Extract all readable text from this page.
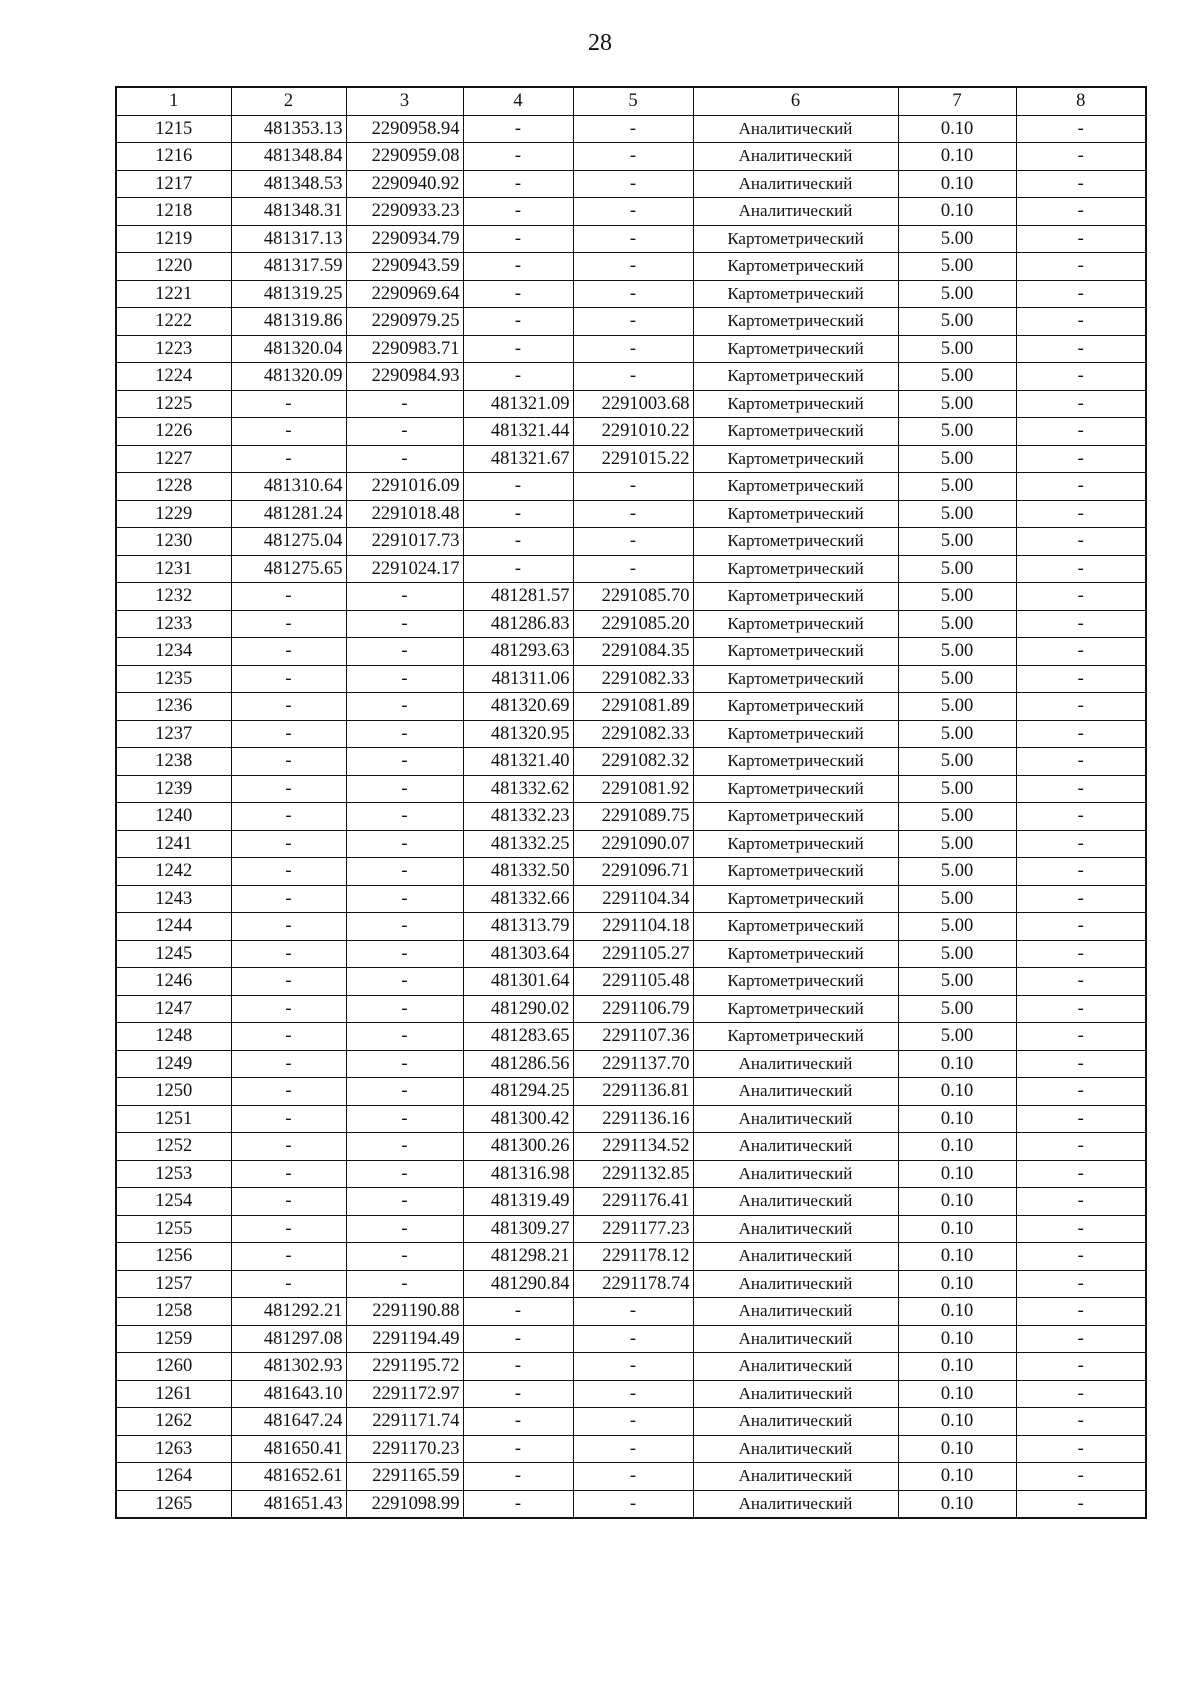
28
1	2	3	4	5	6	7	8
1215	481353.13	2290958.94	-	-	Аналитический	0.10	-
1216	481348.84	2290959.08	-	-	Аналитический	0.10	-
1217	481348.53	2290940.92	-	-	Аналитический	0.10	-
1218	481348.31	2290933.23	-	-	Аналитический	0.10	-
1219	481317.13	2290934.79	-	-	Картометрический	5.00	-
1220	481317.59	2290943.59	-	-	Картометрический	5.00	-
1221	481319.25	2290969.64	-	-	Картометрический	5.00	-
1222	481319.86	2290979.25	-	-	Картометрический	5.00	-
1223	481320.04	2290983.71	-	-	Картометрический	5.00	-
1224	481320.09	2290984.93	-	-	Картометрический	5.00	-
1225	-	-	481321.09	2291003.68	Картометрический	5.00	-
1226	-	-	481321.44	2291010.22	Картометрический	5.00	-
1227	-	-	481321.67	2291015.22	Картометрический	5.00	-
1228	481310.64	2291016.09	-	-	Картометрический	5.00	-
1229	481281.24	2291018.48	-	-	Картометрический	5.00	-
1230	481275.04	2291017.73	-	-	Картометрический	5.00	-
1231	481275.65	2291024.17	-	-	Картометрический	5.00	-
1232	-	-	481281.57	2291085.70	Картометрический	5.00	-
1233	-	-	481286.83	2291085.20	Картометрический	5.00	-
1234	-	-	481293.63	2291084.35	Картометрический	5.00	-
1235	-	-	481311.06	2291082.33	Картометрический	5.00	-
1236	-	-	481320.69	2291081.89	Картометрический	5.00	-
1237	-	-	481320.95	2291082.33	Картометрический	5.00	-
1238	-	-	481321.40	2291082.32	Картометрический	5.00	-
1239	-	-	481332.62	2291081.92	Картометрический	5.00	-
1240	-	-	481332.23	2291089.75	Картометрический	5.00	-
1241	-	-	481332.25	2291090.07	Картометрический	5.00	-
1242	-	-	481332.50	2291096.71	Картометрический	5.00	-
1243	-	-	481332.66	2291104.34	Картометрический	5.00	-
1244	-	-	481313.79	2291104.18	Картометрический	5.00	-
1245	-	-	481303.64	2291105.27	Картометрический	5.00	-
1246	-	-	481301.64	2291105.48	Картометрический	5.00	-
1247	-	-	481290.02	2291106.79	Картометрический	5.00	-
1248	-	-	481283.65	2291107.36	Картометрический	5.00	-
1249	-	-	481286.56	2291137.70	Аналитический	0.10	-
1250	-	-	481294.25	2291136.81	Аналитический	0.10	-
1251	-	-	481300.42	2291136.16	Аналитический	0.10	-
1252	-	-	481300.26	2291134.52	Аналитический	0.10	-
1253	-	-	481316.98	2291132.85	Аналитический	0.10	-
1254	-	-	481319.49	2291176.41	Аналитический	0.10	-
1255	-	-	481309.27	2291177.23	Аналитический	0.10	-
1256	-	-	481298.21	2291178.12	Аналитический	0.10	-
1257	-	-	481290.84	2291178.74	Аналитический	0.10	-
1258	481292.21	2291190.88	-	-	Аналитический	0.10	-
1259	481297.08	2291194.49	-	-	Аналитический	0.10	-
1260	481302.93	2291195.72	-	-	Аналитический	0.10	-
1261	481643.10	2291172.97	-	-	Аналитический	0.10	-
1262	481647.24	2291171.74	-	-	Аналитический	0.10	-
1263	481650.41	2291170.23	-	-	Аналитический	0.10	-
1264	481652.61	2291165.59	-	-	Аналитический	0.10	-
1265	481651.43	2291098.99	-	-	Аналитический	0.10	-
